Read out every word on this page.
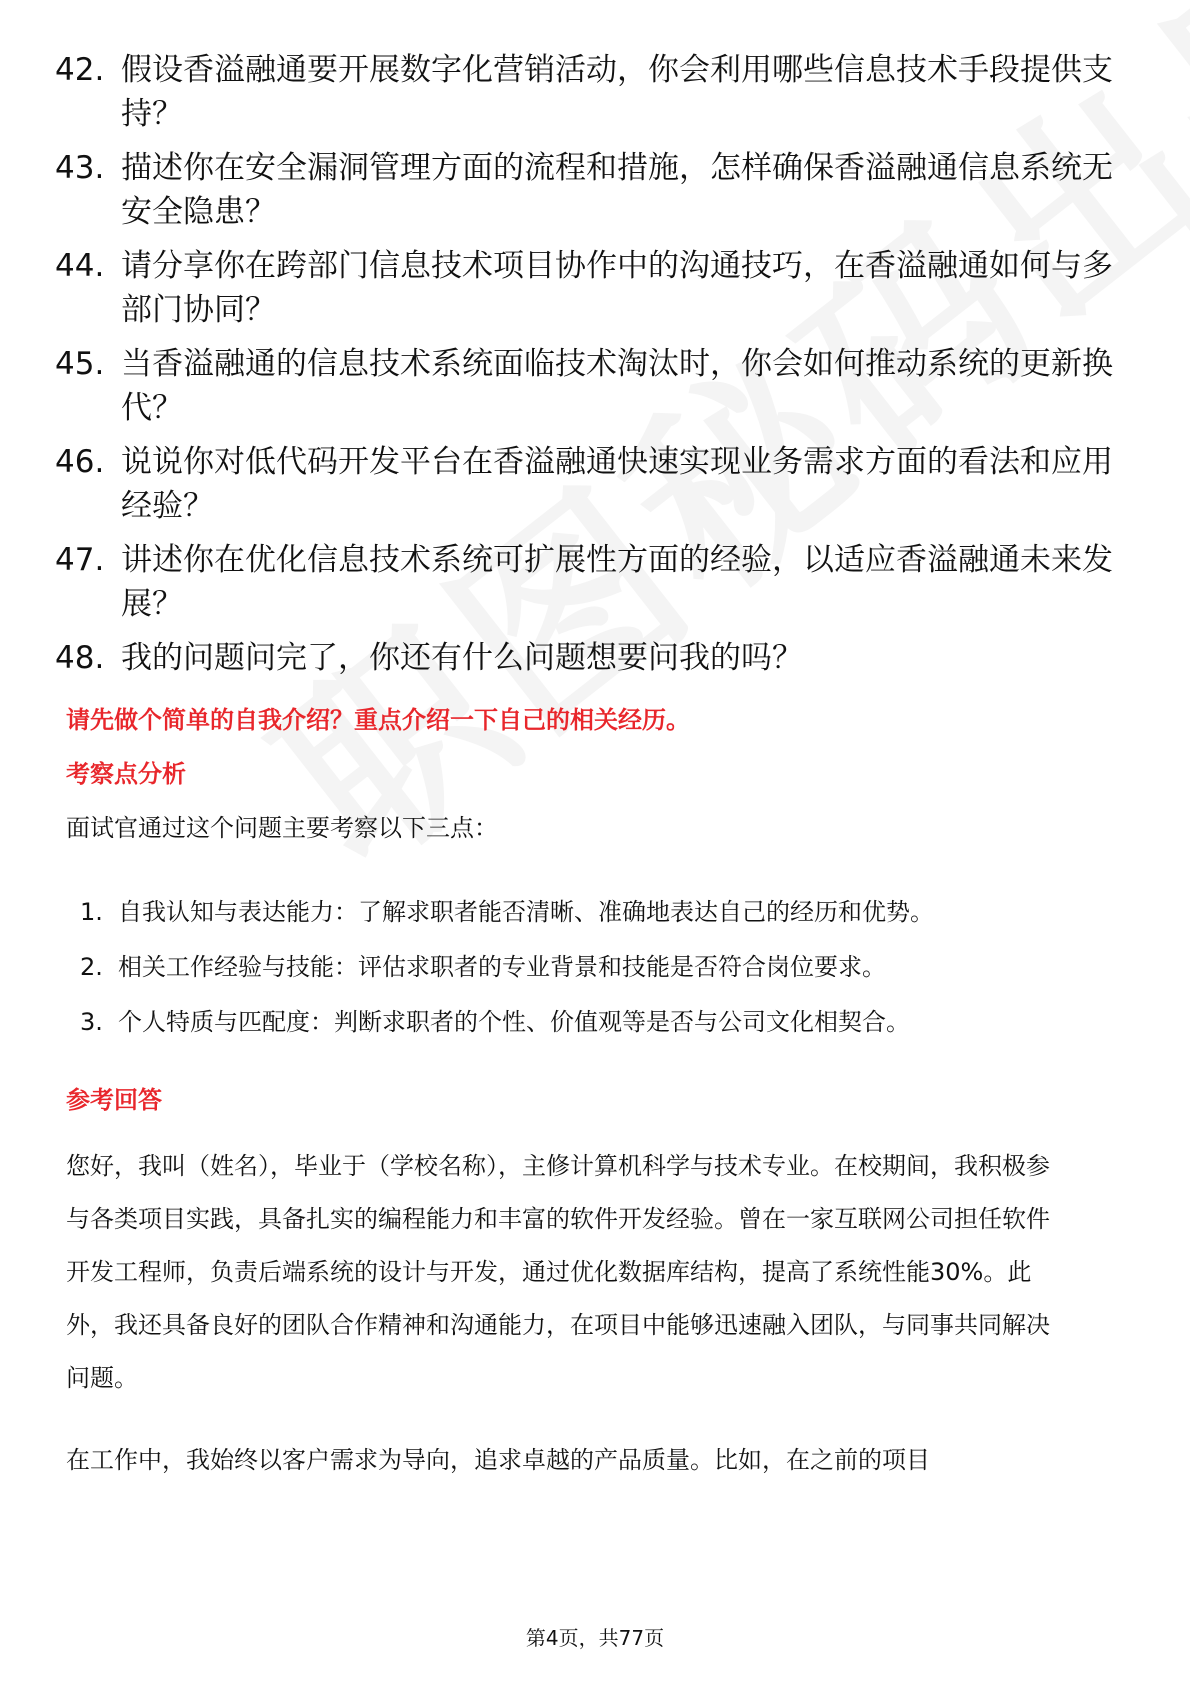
42. 假设香溢融通要开展数字化营销活动，你会利用哪些信息技术手段提供支持？
43. 描述你在安全漏洞管理方面的流程和措施，怎样确保香溢融通信息系统无安全隐患？
44. 请分享你在跨部门信息技术项目协作中的沟通技巧，在香溢融通如何与多部门协同？
45. 当香溢融通的信息技术系统面临技术淘汰时，你会如何推动系统的更新换代？
46. 说说你对低代码开发平台在香溢融通快速实现业务需求方面的看法和应用经验？
47. 讲述你在优化信息技术系统可扩展性方面的经验，以适应香溢融通未来发展？
48. 我的问题问完了，你还有什么问题想要问我的吗？
请先做个简单的自我介绍？重点介绍一下自己的相关经历。
考察点分析

面试官通过这个问题主要考察以下三点：

1. 自我认知与表达能力：了解求职者能否清晰、准确地表达自己的经历和优势。
2. 相关工作经验与技能：评估求职者的专业背景和技能是否符合岗位要求。
3. 个人特质与匹配度：判断求职者的个性、价值观等是否与公司文化相契合。
参考回答

您好，我叫（姓名），毕业于（学校名称），主修计算机科学与技术专业。在校期间，我积极参与各类项目实践，具备扎实的编程能力和丰富的软件开发经验。曾在一家互联网公司担任软件开发工程师，负责后端系统的设计与开发，通过优化数据库结构，提高了系统性能30%。此外，我还具备良好的团队合作精神和沟通能力，在项目中能够迅速融入团队，与同事共同解决问题。

在工作中，我始终以客户需求为导向，追求卓越的产品质量。比如，在之前的项目

第4页，共77页
